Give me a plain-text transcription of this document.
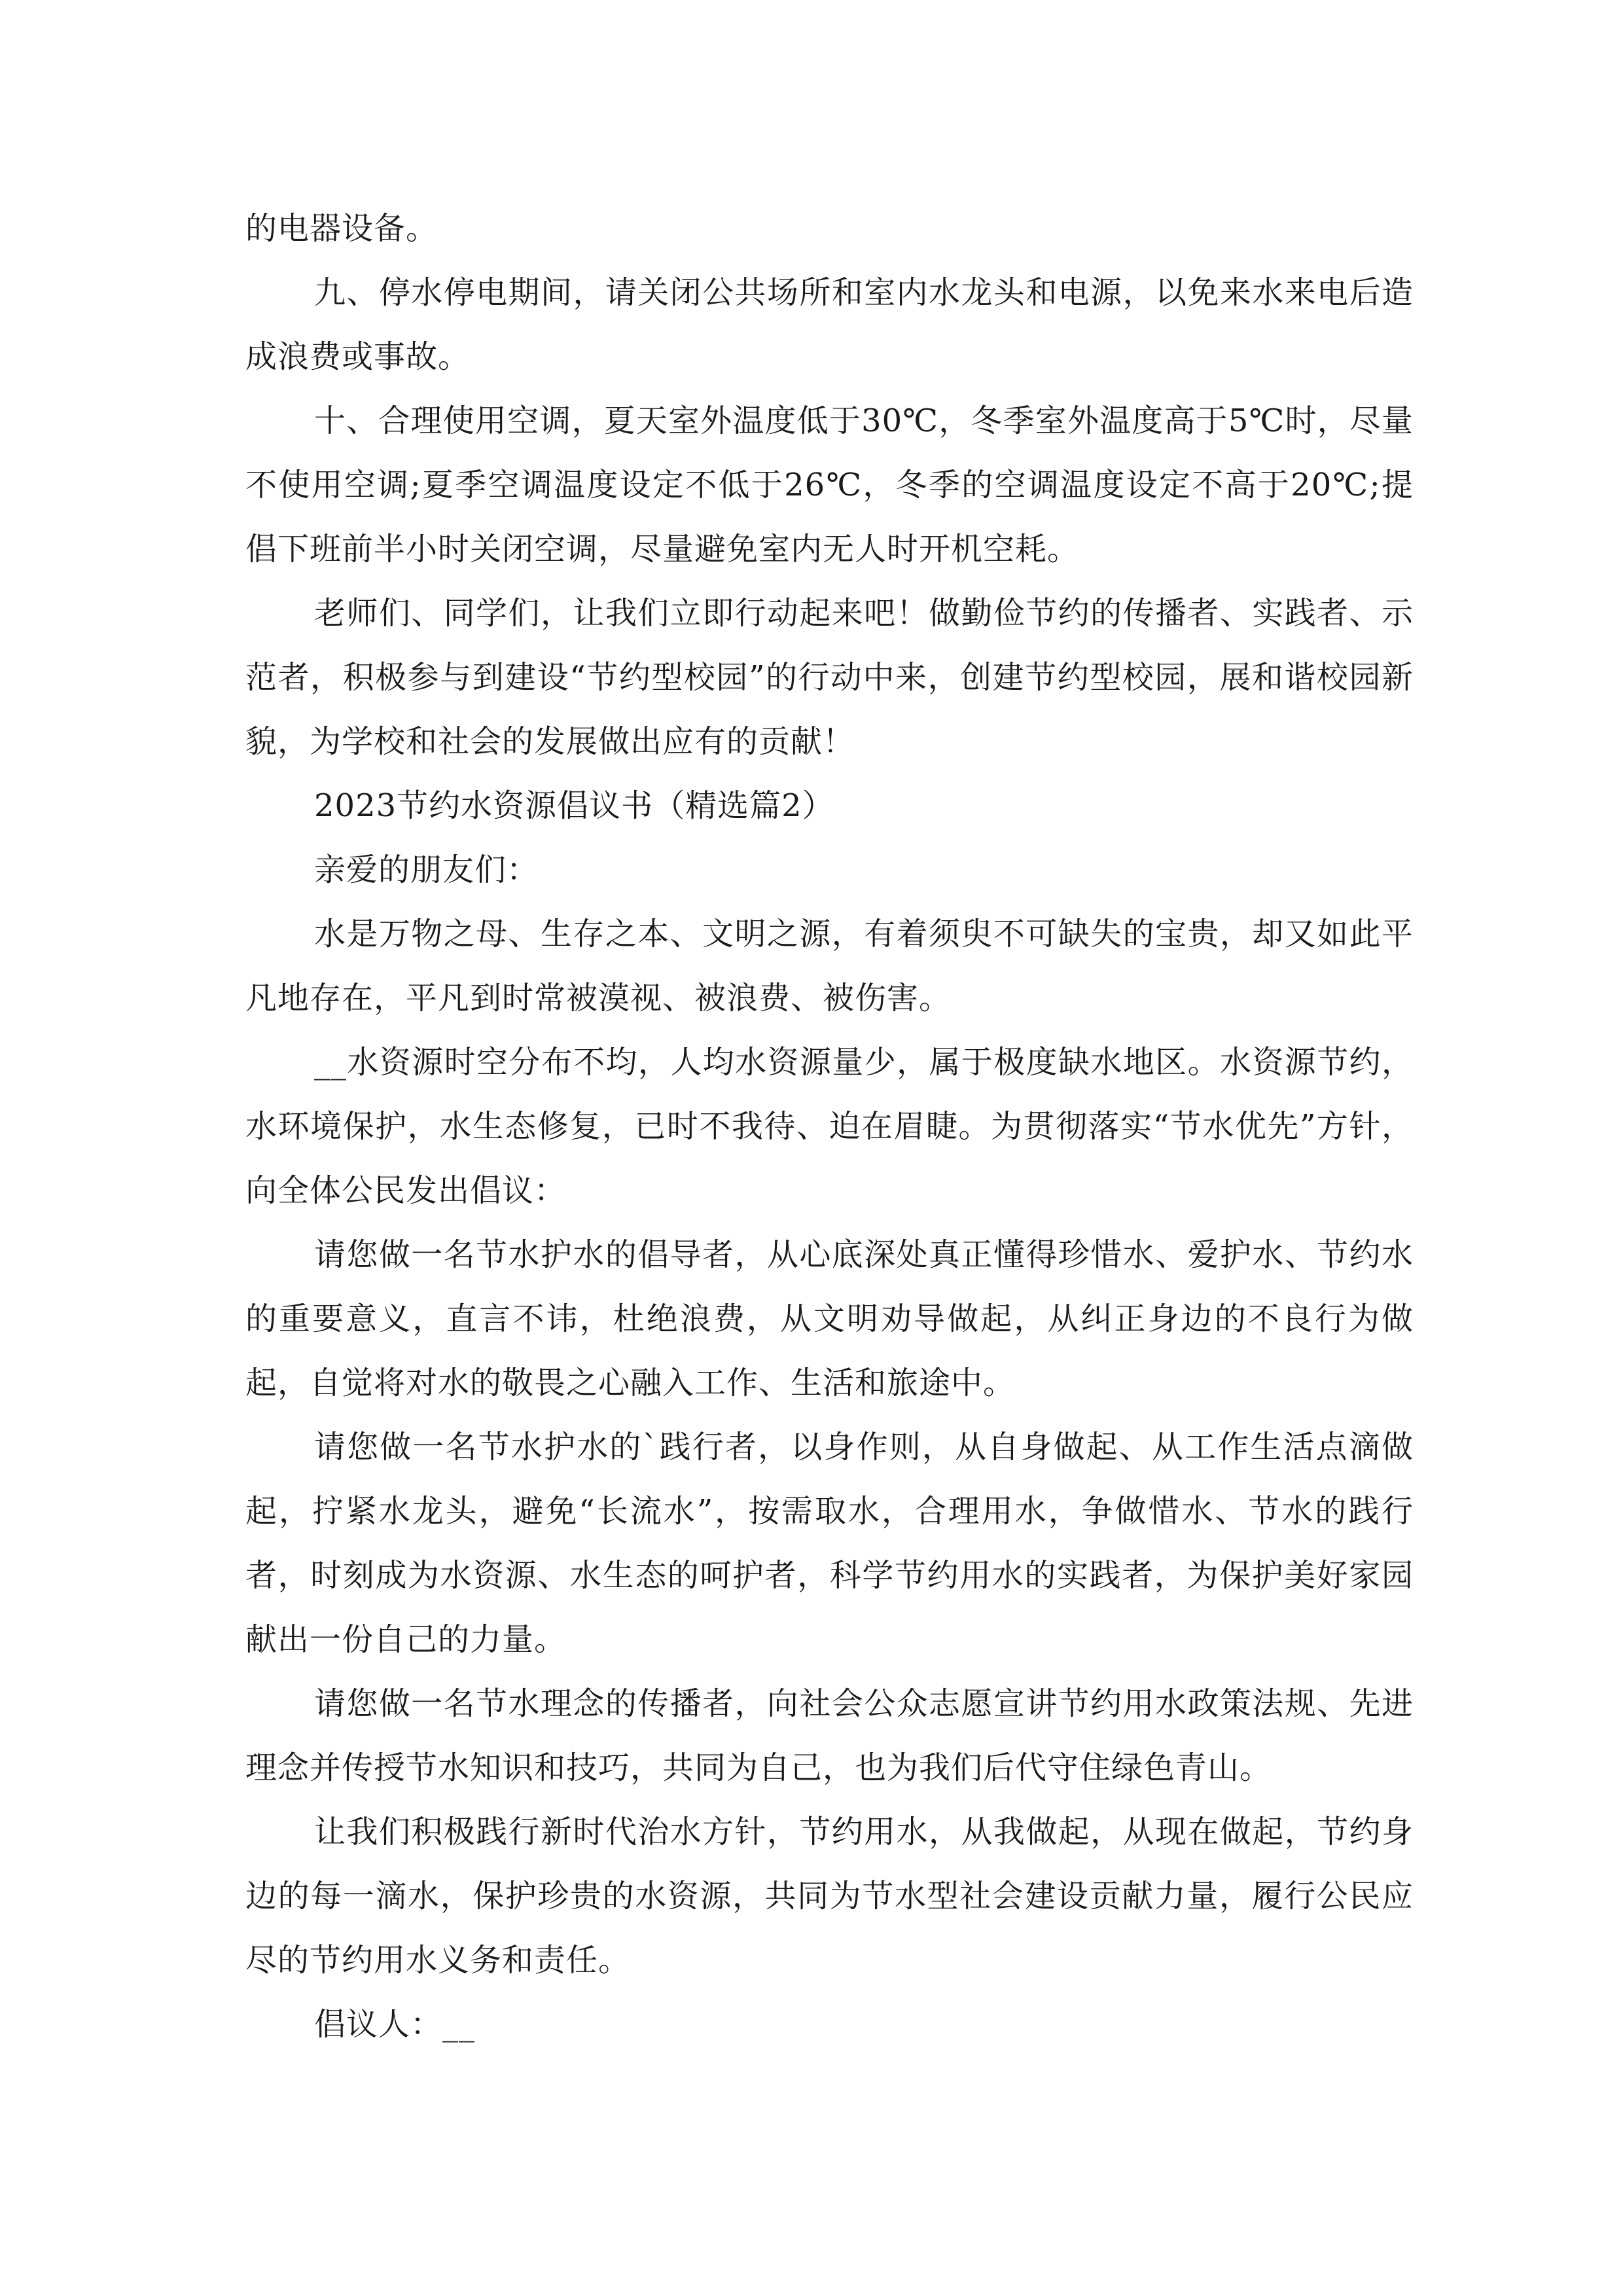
的电器设备。

九、停水停电期间，请关闭公共场所和室内水龙头和电源，以免来水来电后造成浪费或事故。

十、合理使用空调，夏天室外温度低于30℃，冬季室外温度高于5℃时，尽量不使用空调;夏季空调温度设定不低于26℃，冬季的空调温度设定不高于20℃;提倡下班前半小时关闭空调，尽量避免室内无人时开机空耗。

老师们、同学们，让我们立即行动起来吧！做勤俭节约的传播者、实践者、示范者，积极参与到建设“节约型校园”的行动中来，创建节约型校园，展和谐校园新貌，为学校和社会的发展做出应有的贡献！

2023节约水资源倡议书（精选篇2）

亲爱的朋友们：

水是万物之母、生存之本、文明之源，有着须臾不可缺失的宝贵，却又如此平凡地存在，平凡到时常被漠视、被浪费、被伤害。

__水资源时空分布不均，人均水资源量少，属于极度缺水地区。水资源节约，水环境保护，水生态修复，已时不我待、迫在眉睫。为贯彻落实“节水优先”方针，向全体公民发出倡议：

请您做一名节水护水的倡导者，从心底深处真正懂得珍惜水、爱护水、节约水的重要意义，直言不讳，杜绝浪费，从文明劝导做起，从纠正身边的不良行为做起，自觉将对水的敬畏之心融入工作、生活和旅途中。

请您做一名节水护水的`践行者，以身作则，从自身做起、从工作生活点滴做起，拧紧水龙头，避免“长流水”，按需取水，合理用水，争做惜水、节水的践行者，时刻成为水资源、水生态的呵护者，科学节约用水的实践者，为保护美好家园献出一份自己的力量。

请您做一名节水理念的传播者，向社会公众志愿宣讲节约用水政策法规、先进理念并传授节水知识和技巧，共同为自己，也为我们后代守住绿色青山。

让我们积极践行新时代治水方针，节约用水，从我做起，从现在做起，节约身边的每一滴水，保护珍贵的水资源，共同为节水型社会建设贡献力量，履行公民应尽的节约用水义务和责任。

倡议人：__
